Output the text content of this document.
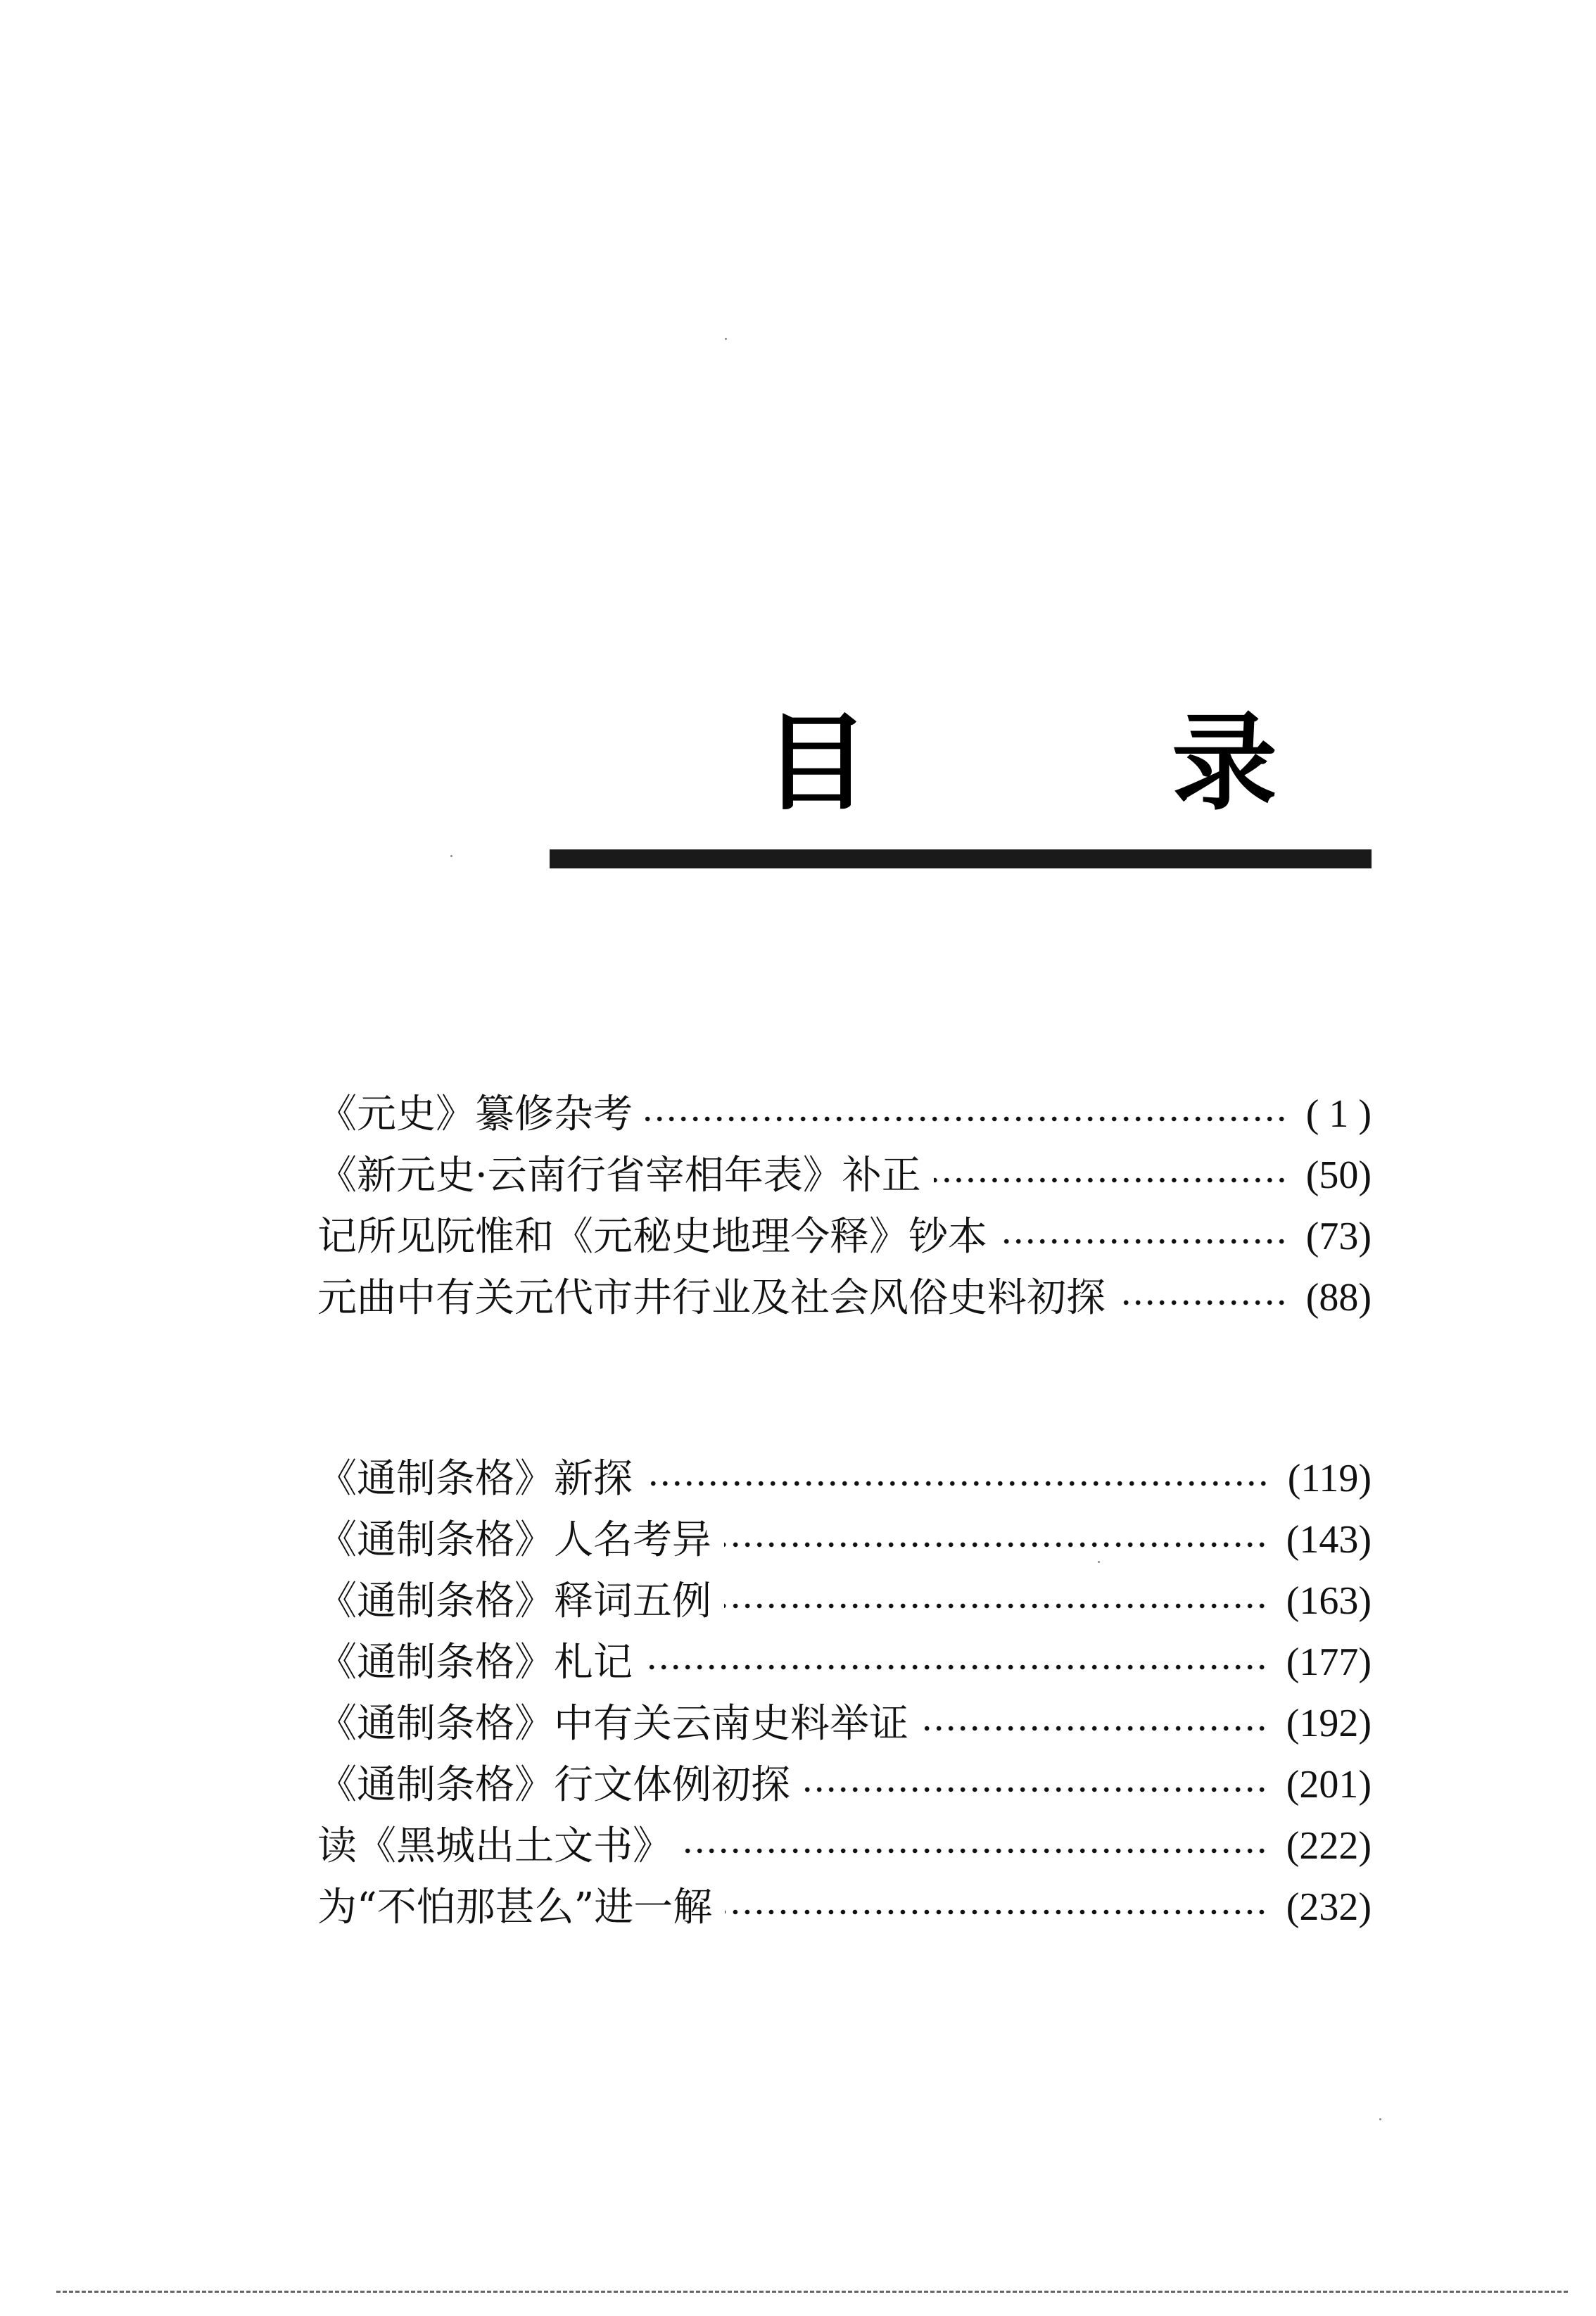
目	录
《元史》纂修杂考	( 1 )
《新元史·云南行省宰相年表》补正	(50)
记所见阮惟和《元秘史地理今释》钞本	(73)
元曲中有关元代市井行业及社会风俗史料初探	(88)
《通制条格》新探	(119)
《通制条格》人名考异	(143)
《通制条格》释词五例	(163)
《通制条格》札记	(177)
《通制条格》中有关云南史料举证	(192)
《通制条格》行文体例初探	(201)
读《黑城出土文书》	(222)
为“不怕那甚么”进一解	(232)
